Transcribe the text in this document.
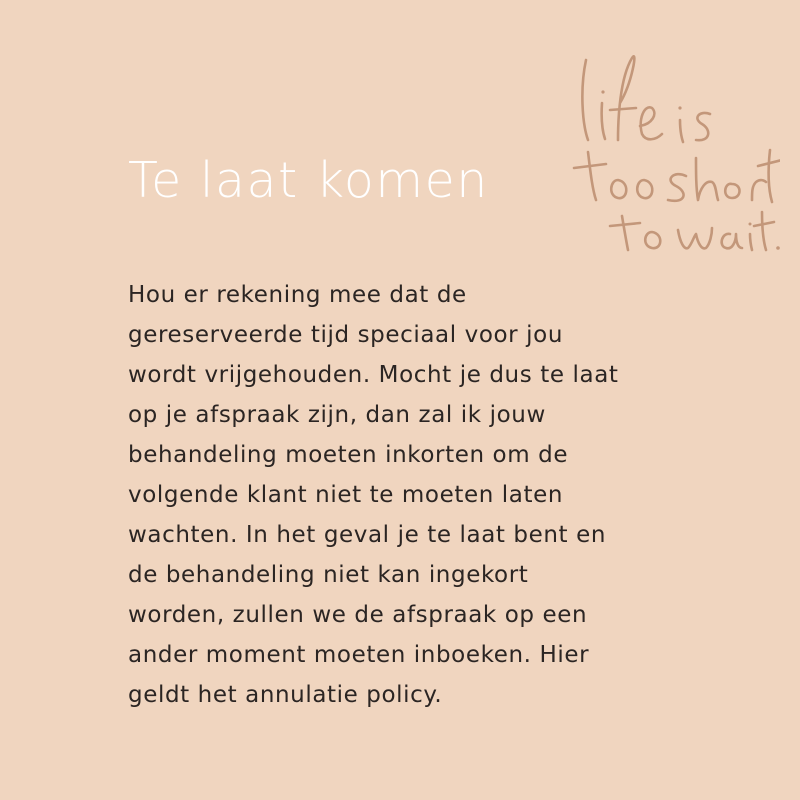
Te laat komen

Hou er rekening mee dat de
gereserveerde tijd speciaal voor jou
wordt vrijgehouden. Mocht je dus te laat
op je afspraak zijn, dan zal ik jouw
behandeling moeten inkorten om de
volgende klant niet te moeten laten
wachten. In het geval je te laat bent en
de behandeling niet kan ingekort
worden, zullen we de afspraak op een
ander moment moeten inboeken. Hier
geldt het annulatie policy.
